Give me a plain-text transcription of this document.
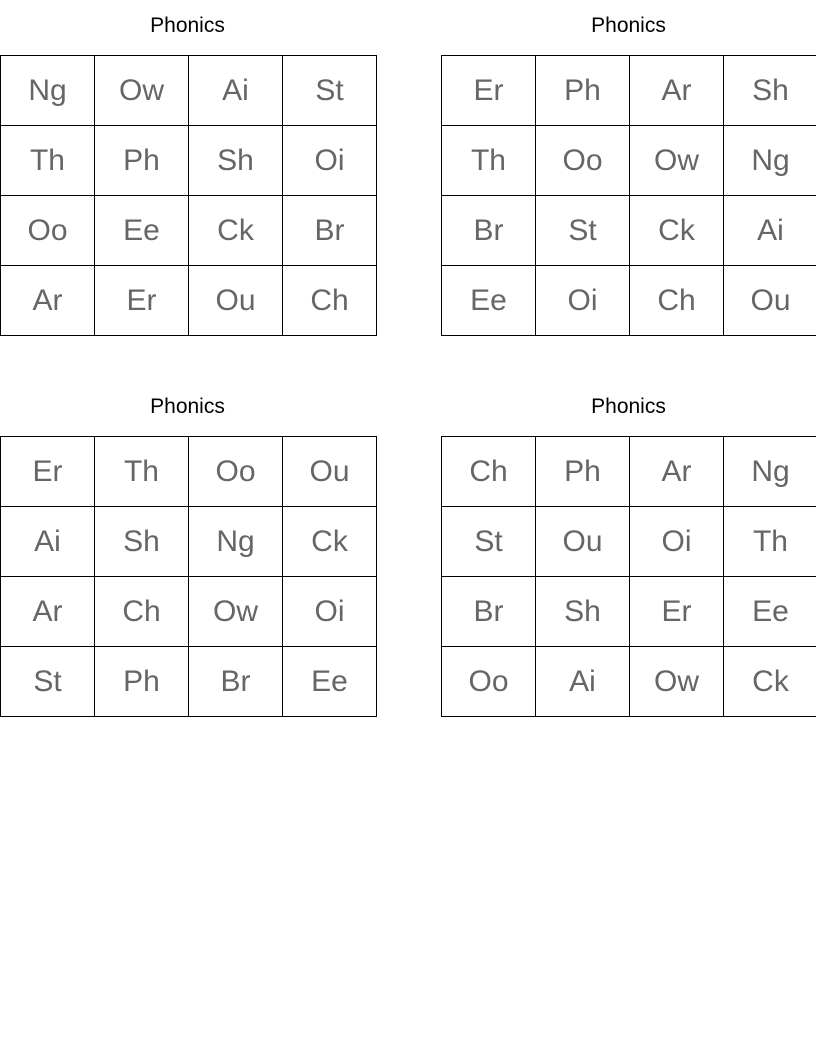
Phonics
Ng	Ow	Ai	St
Th	Ph	Sh	Oi
Oo	Ee	Ck	Br
Ar	Er	Ou	Ch
Phonics
Er	Ph	Ar	Sh
Th	Oo	Ow	Ng
Br	St	Ck	Ai
Ee	Oi	Ch	Ou
Phonics
Er	Th	Oo	Ou
Ai	Sh	Ng	Ck
Ar	Ch	Ow	Oi
St	Ph	Br	Ee
Phonics
Ch	Ph	Ar	Ng
St	Ou	Oi	Th
Br	Sh	Er	Ee
Oo	Ai	Ow	Ck
